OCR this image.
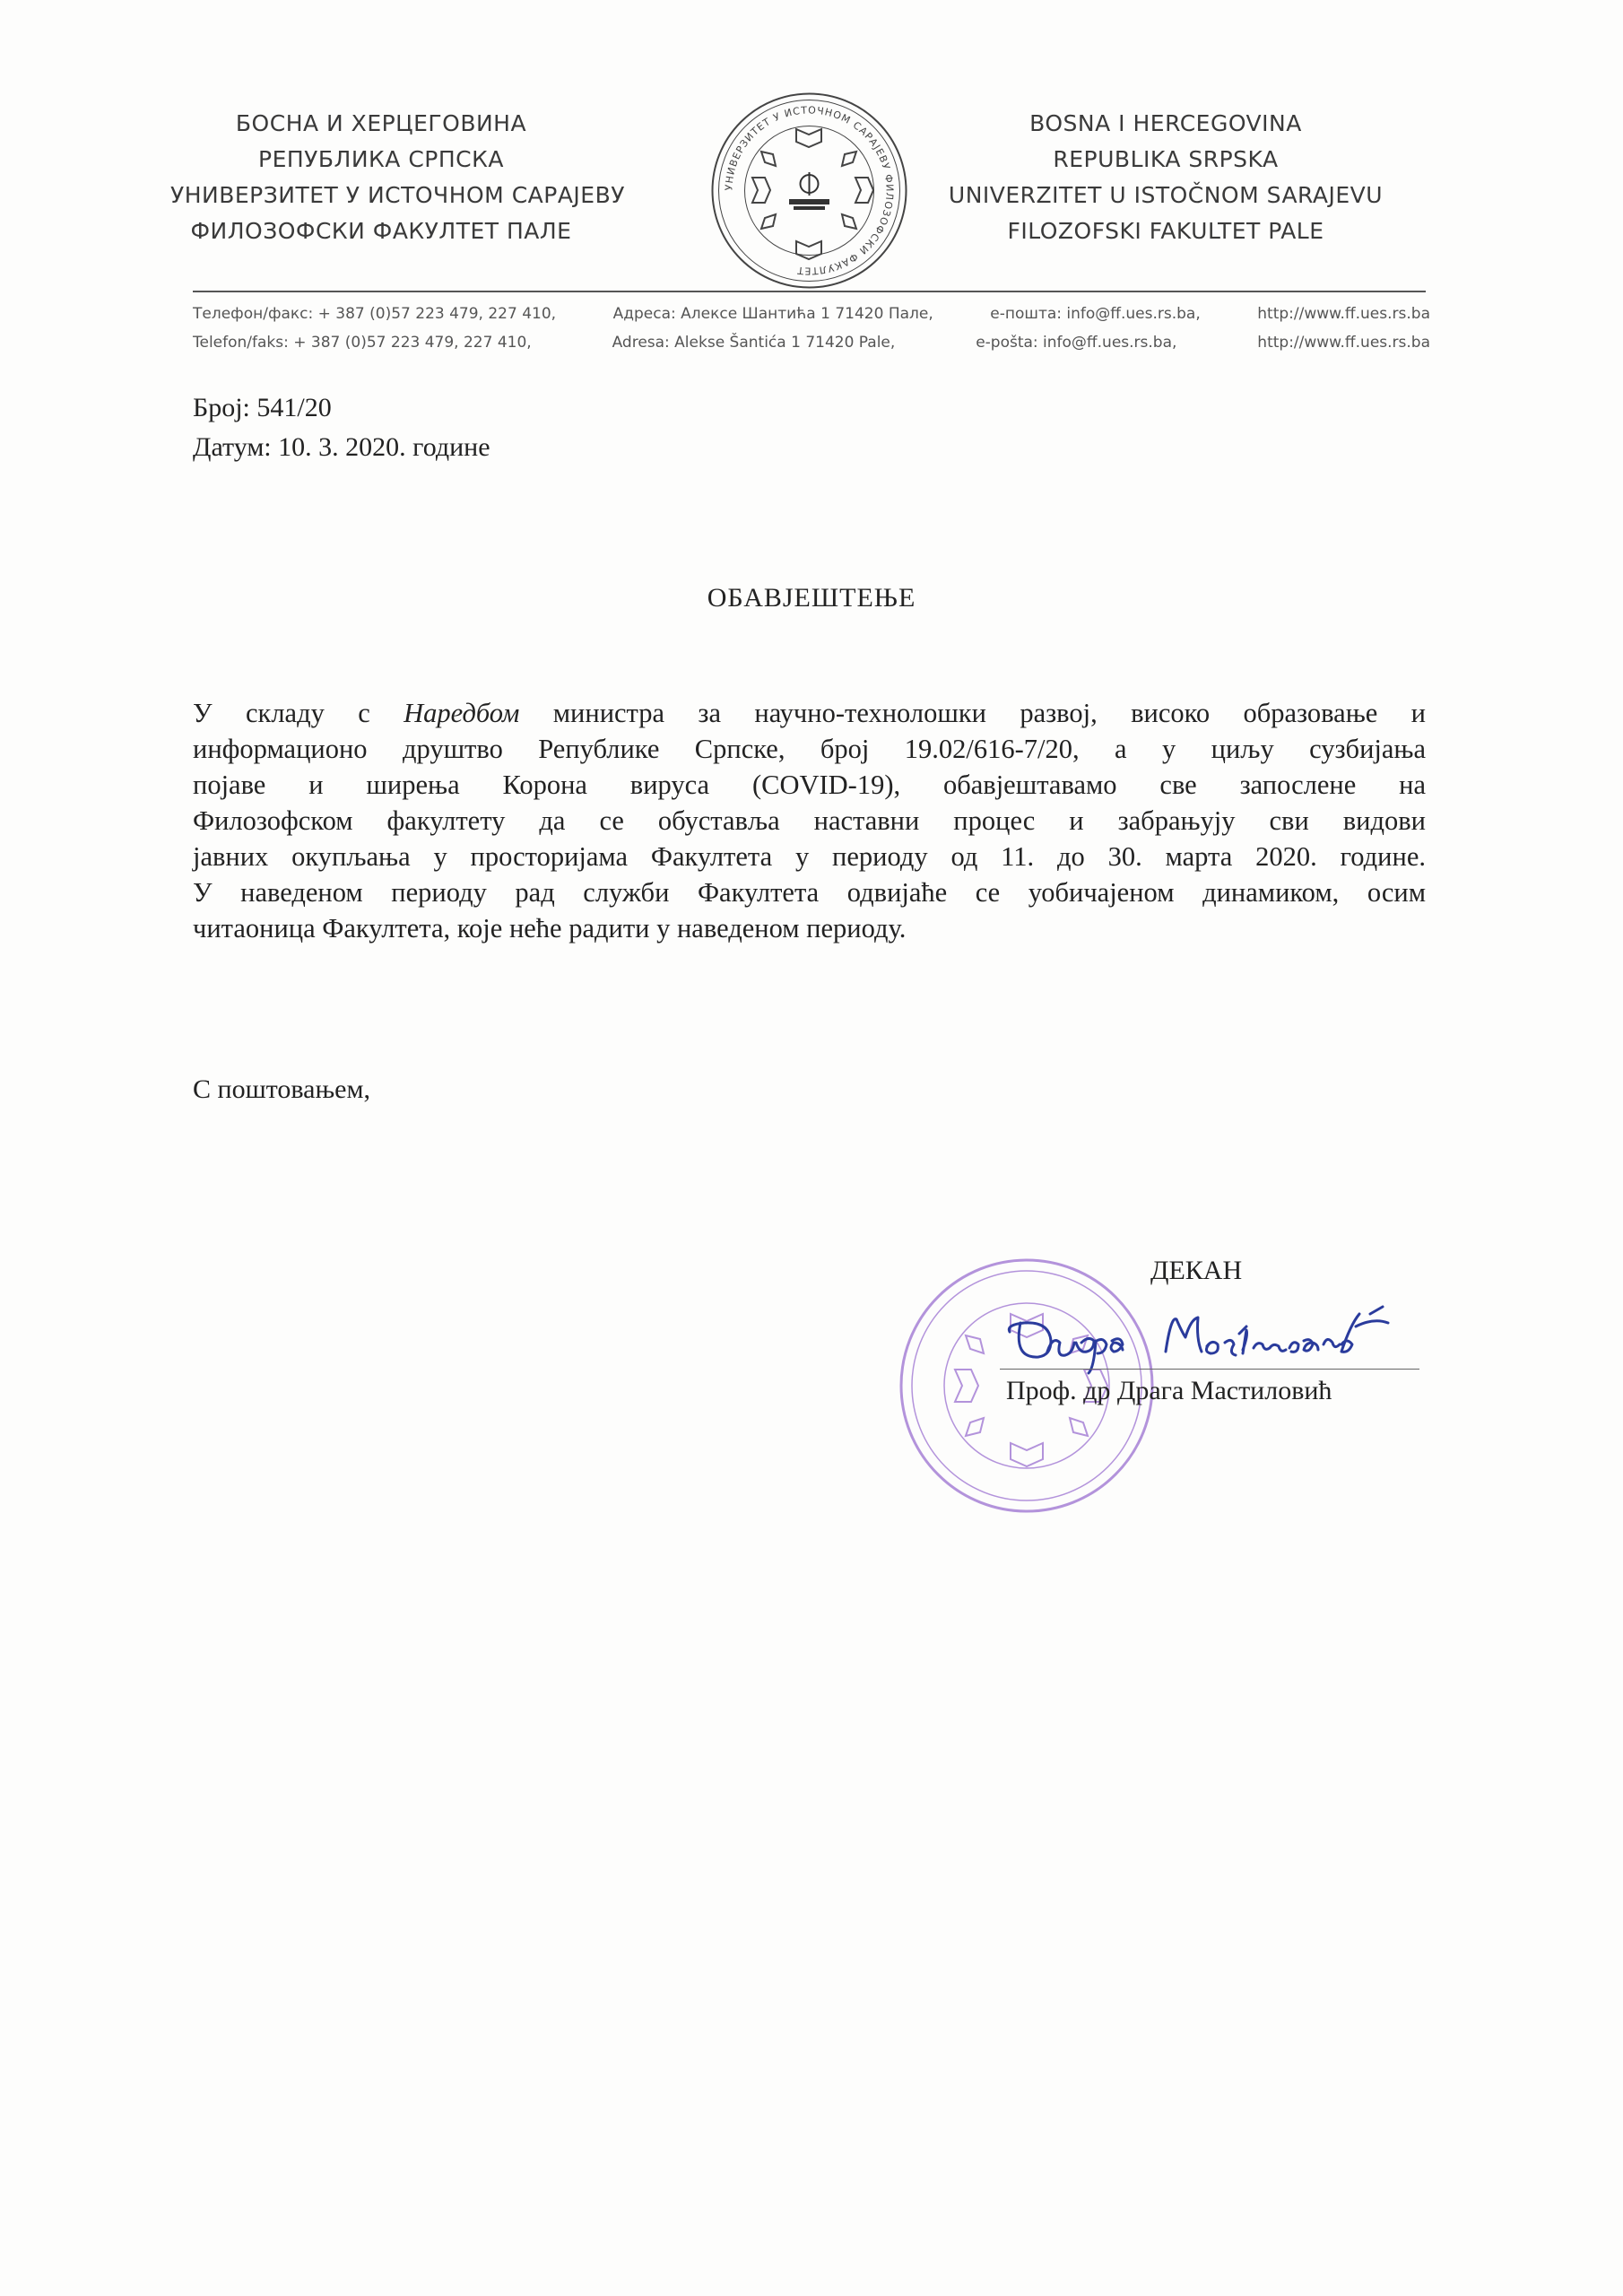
БОСНА И ХЕРЦЕГОВИНА
РЕПУБЛИКА СРПСКА
УНИВЕРЗИТЕТ У ИСТОЧНОМ САРАЈЕВУ
ФИЛОЗОФСКИ ФАКУЛТЕТ ПАЛЕ
УНИВЕРЗИТЕТ У ИСТОЧНОМ САРАЈЕВУ ФИЛОЗОФСКИ ФАКУЛТЕТ
BOSNA I HERCEGOVINA
REPUBLIKA SRPSKA
UNIVERZITET U ISTOČNOM SARAJEVU
FILOZOFSKI FAKULTET PALE
Телефон/факс: + 387 (0)57 223 479, 227 410,	Адреса: Алексе Шантића 1 71420 Пале,	е-пошта: info@ff.ues.rs.ba,	http://www.ff.ues.rs.ba
Telefon/faks: + 387 (0)57 223 479, 227 410,	Adresa: Alekse Šantića 1 71420 Pale,	e-pošta: info@ff.ues.rs.ba,	http://www.ff.ues.rs.ba
Број: 541/20
Датум: 10. 3. 2020. године
ОБАВЈЕШТЕЊЕ
У складу с Наредбом министра за научно-технолошки развој, високо образовање и
информационо друштво Републике Српске, број 19.02/616-7/20, а у циљу сузбијања
појаве и ширења Корона вируса (COVID-19), обавјештавамо све запослене на
Филозофском факултету да се обуставља наставни процес и забрањују сви видови
јавних окупљања у просторијама Факултета у периоду од 11. до 30. марта 2020. године.
У наведеном периоду рад служби Факултета одвијаће се уобичајеном динамиком, осим
читаоница Факултета, које неће радити у наведеном периоду.
С поштовањем,
ДЕКАН
Проф. др Драга Мастиловић
